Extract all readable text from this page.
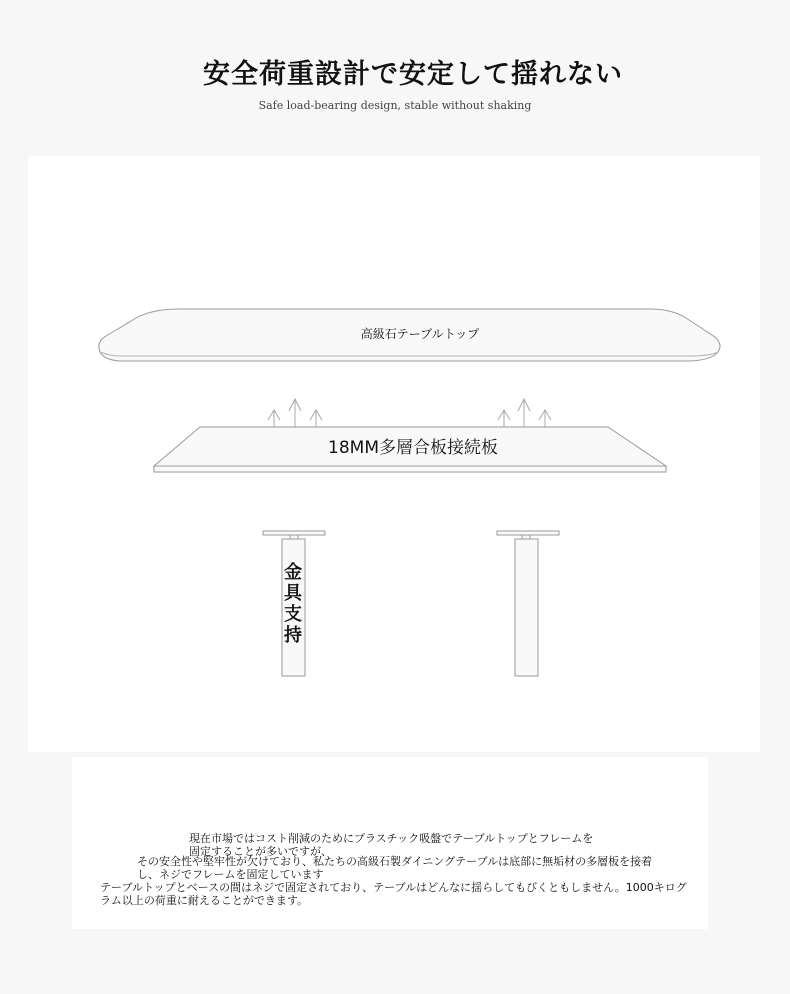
安全荷重設計で安定して揺れない
Safe load-bearing design, stable without shaking
高級石テーブルトップ
18MM多層合板接続板
金具支持
現在市場ではコスト削減のためにプラスチック吸盤でテーブルトップとフレームを固定することが多いですが、
その安全性や堅牢性が欠けており、私たちの高級石製ダイニングテーブルは底部に無垢材の多層板を接着し、ネジでフレームを固定しています
テーブルトップとベースの間はネジで固定されており、テーブルはどんなに揺らしてもびくともしません。1000キログラム以上の荷重に耐えることができます。
